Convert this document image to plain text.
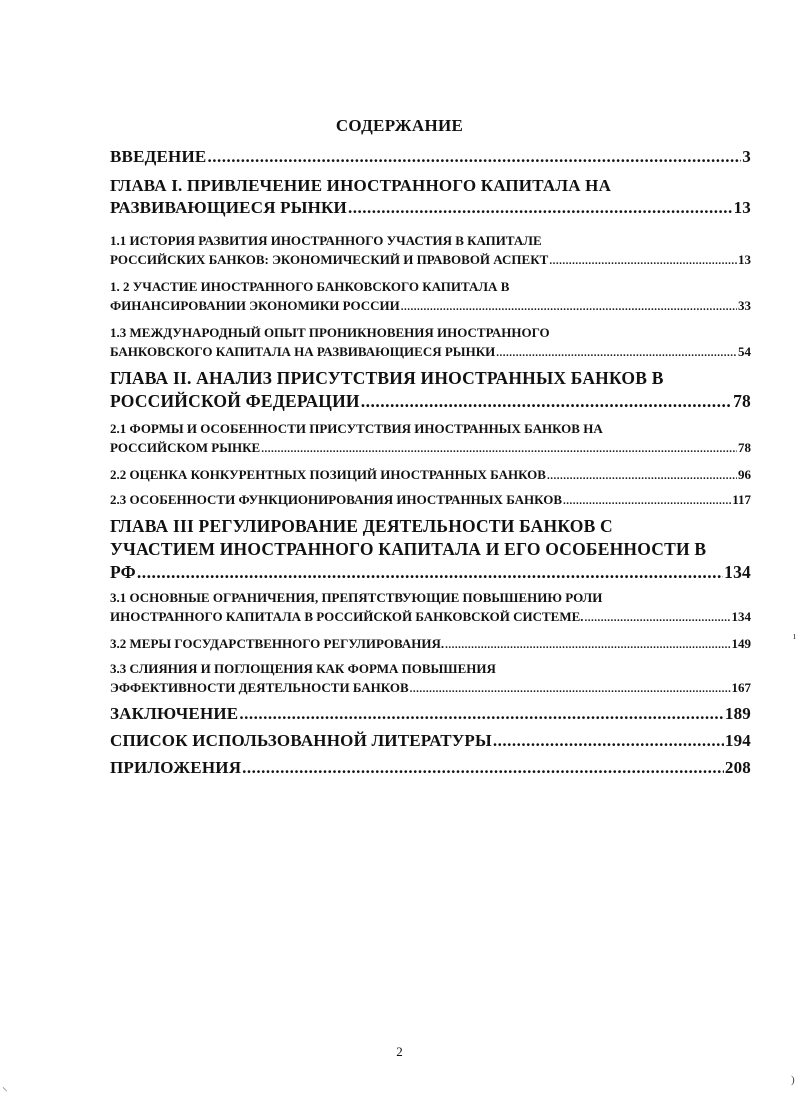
СОДЕРЖАНИЕ
ВВЕДЕНИЕ .....	3
ГЛАВА I. ПРИВЛЕЧЕНИЕ ИНОСТРАННОГО КАПИТАЛА НА
РАЗВИВАЮЩИЕСЯ РЫНКИ .....	13
1.1 ИСТОРИЯ РАЗВИТИЯ ИНОСТРАННОГО УЧАСТИЯ В КАПИТАЛЕ
РОССИЙСКИХ БАНКОВ: ЭКОНОМИЧЕСКИЙ И ПРАВОВОЙ АСПЕКТ .....	13
1. 2 УЧАСТИЕ ИНОСТРАННОГО БАНКОВСКОГО КАПИТАЛА В
ФИНАНСИРОВАНИИ ЭКОНОМИКИ РОССИИ .....	33
1.3 МЕЖДУНАРОДНЫЙ ОПЫТ ПРОНИКНОВЕНИЯ ИНОСТРАННОГО
БАНКОВСКОГО КАПИТАЛА НА РАЗВИВАЮЩИЕСЯ РЫНКИ .....	54
ГЛАВА II. АНАЛИЗ ПРИСУТСТВИЯ ИНОСТРАННЫХ БАНКОВ В
РОССИЙСКОЙ ФЕДЕРАЦИИ .....	78
2.1 ФОРМЫ И ОСОБЕННОСТИ ПРИСУТСТВИЯ ИНОСТРАННЫХ БАНКОВ НА
РОССИЙСКОМ РЫНКЕ .....	78
2.2 ОЦЕНКА КОНКУРЕНТНЫХ ПОЗИЦИЙ ИНОСТРАННЫХ БАНКОВ .....	96
2.3 ОСОБЕННОСТИ ФУНКЦИОНИРОВАНИЯ ИНОСТРАННЫХ БАНКОВ .....	117
ГЛАВА III РЕГУЛИРОВАНИЕ ДЕЯТЕЛЬНОСТИ БАНКОВ С
УЧАСТИЕМ ИНОСТРАННОГО КАПИТАЛА И ЕГО ОСОБЕННОСТИ В
РФ .....	134
3.1 ОСНОВНЫЕ ОГРАНИЧЕНИЯ, ПРЕПЯТСТВУЮЩИЕ ПОВЫШЕНИЮ РОЛИ
ИНОСТРАННОГО КАПИТАЛА В РОССИЙСКОЙ БАНКОВСКОЙ СИСТЕМЕ. .....	134
3.2 МЕРЫ ГОСУДАРСТВЕННОГО РЕГУЛИРОВАНИЯ. .....	149
3.3 СЛИЯНИЯ И ПОГЛОЩЕНИЯ КАК ФОРМА ПОВЫШЕНИЯ
ЭФФЕКТИВНОСТИ ДЕЯТЕЛЬНОСТИ БАНКОВ .....	167
ЗАКЛЮЧЕНИЕ .....	189
СПИСОК ИСПОЛЬЗОВАННОЙ ЛИТЕРАТУРЫ .....	194
ПРИЛОЖЕНИЯ .....	208
2
ı
)
⸌
